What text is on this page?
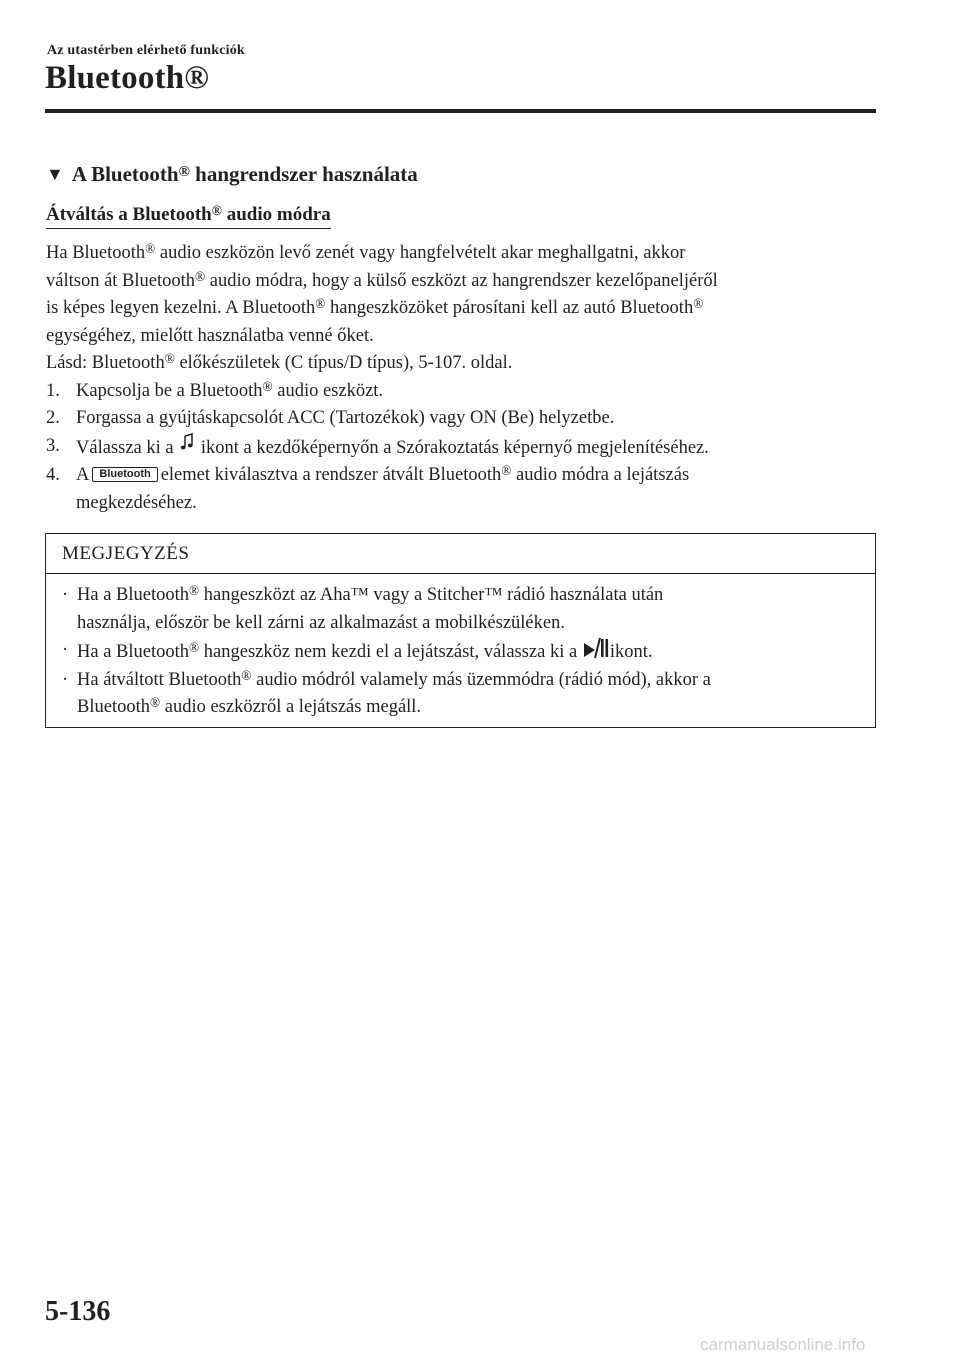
Az utastérben elérhető funkciók
Bluetooth®
▼ A Bluetooth® hangrendszer használata
Átváltás a Bluetooth® audio módra

Ha Bluetooth® audio eszközön levő zenét vagy hangfelvételt akar meghallgatni, akkor

váltson át Bluetooth® audio módra, hogy a külső eszközt az hangrendszer kezelőpaneljéről

is képes legyen kezelni. A Bluetooth® hangeszközöket párosítani kell az autó Bluetooth®

egységéhez, mielőtt használatba venné őket.

Lásd: Bluetooth® előkészületek (C típus/D típus), 5-107. oldal.

1. Kapcsolja be a Bluetooth® audio eszközt.
2. Forgassa a gyújtáskapcsolót ACC (Tartozékok) vagy ON (Be) helyzetbe.
3. Válassza ki a ikont a kezdőképernyőn a Szórakoztatás képernyő megjelenítéséhez.
4. A Bluetooth elemet kiválasztva a rendszer átvált Bluetooth® audio módra a lejátszás
megkezdéséhez.
MEGJEGYZÉS
· Ha a Bluetooth® hangeszközt az Aha™ vagy a Stitcher™ rádió használata után
használja, először be kell zárni az alkalmazást a mobilkészüléken.
· Ha a Bluetooth® hangeszköz nem kezdi el a lejátszást, válassza ki a ikont.
· Ha átváltott Bluetooth® audio módról valamely más üzemmódra (rádió mód), akkor a
Bluetooth® audio eszközről a lejátszás megáll.
5-136
carmanualsonline.info
